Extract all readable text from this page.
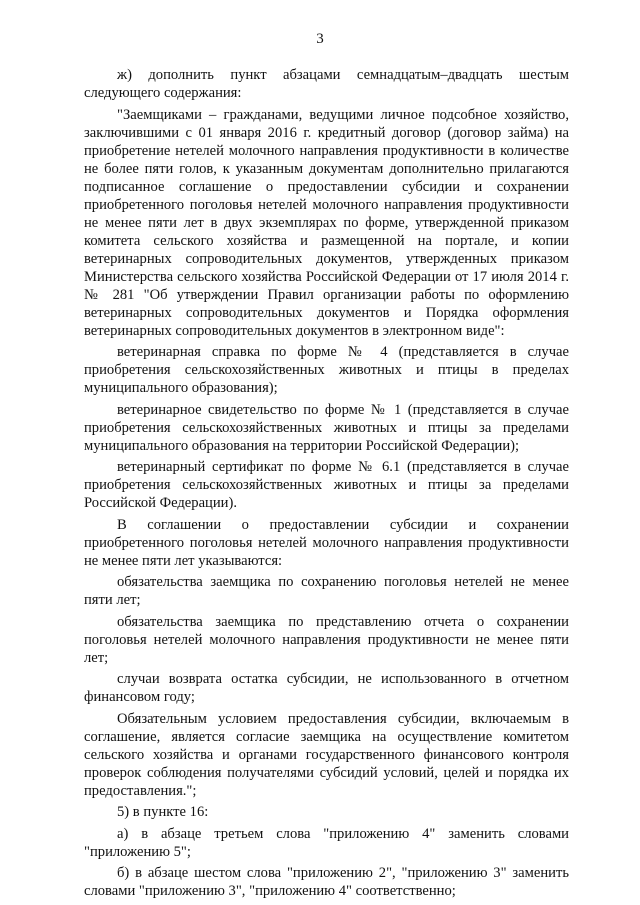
3

ж) дополнить пункт абзацами семнадцатым–двадцать шестым следующего содержания:

"Заемщиками – гражданами, ведущими личное подсобное хозяйство, заключившими с 01 января 2016 г. кредитный договор (договор займа) на приобретение нетелей молочного направления продуктивности в количестве не более пяти голов, к указанным документам дополнительно прилагаются подписанное соглашение о предоставлении субсидии и сохранении приобретенного поголовья нетелей молочного направления продуктивности не менее пяти лет в двух экземплярах по форме, утвержденной приказом комитета сельского хозяйства и размещенной на портале, и копии ветеринарных сопроводительных документов, утвержденных приказом Министерства сельского хозяйства Российской Федерации от 17 июля 2014 г. № 281 "Об утверждении Правил организации работы по оформлению ветеринарных сопроводительных документов и Порядка оформления ветеринарных сопроводительных документов в электронном виде":

ветеринарная справка по форме № 4 (представляется в случае приобретения сельскохозяйственных животных и птицы в пределах муниципального образования);

ветеринарное свидетельство по форме № 1 (представляется в случае приобретения сельскохозяйственных животных и птицы за пределами муниципального образования на территории Российской Федерации);

ветеринарный сертификат по форме № 6.1 (представляется в случае приобретения сельскохозяйственных животных и птицы за пределами Российской Федерации).

В соглашении о предоставлении субсидии и сохранении приобретенного поголовья нетелей молочного направления продуктивности не менее пяти лет указываются:

обязательства заемщика по сохранению поголовья нетелей не менее пяти лет;

обязательства заемщика по представлению отчета о сохранении поголовья нетелей молочного направления продуктивности не менее пяти лет;

случаи возврата остатка субсидии, не использованного в отчетном финансовом году;

Обязательным условием предоставления субсидии, включаемым в соглашение, является согласие заемщика на осуществление комитетом сельского хозяйства и органами государственного финансового контроля проверок соблюдения получателями субсидий условий, целей и порядка их предоставления.";

5) в пункте 16:

а) в абзаце третьем слова "приложению 4" заменить словами "приложению 5";

б) в абзаце шестом слова "приложению 2", "приложению 3" заменить словами "приложению 3", "приложению 4" соответственно;
